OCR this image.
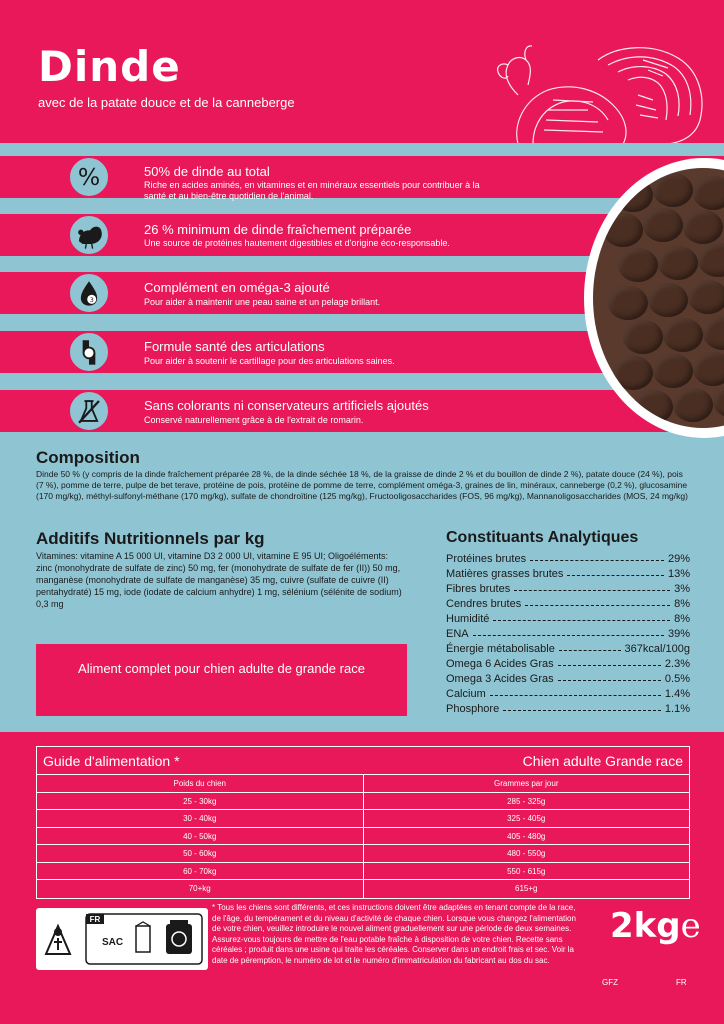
Dinde
avec de la patate douce et de la canneberge
%
3
50% de dinde au total
Riche en acides aminés, en vitamines et en minéraux essentiels pour contribuer à la santé et au bien-être quotidien de l'animal.
26 % minimum de dinde fraîchement préparée
Une source de protéines hautement digestibles et d'origine éco-responsable.
Complément en oméga-3 ajouté
Pour aider à maintenir une peau saine et un pelage brillant.
Formule santé des articulations
Pour aider à soutenir le cartillage pour des articulations saines.
Sans colorants ni conservateurs artificiels ajoutés
Conservé naturellement grâce à de l'extrait de romarin.
Composition
Dinde 50 % (y compris de la dinde fraîchement préparée 28 %, de la dinde séchée 18 %, de la graisse de dinde 2 % et du bouillon de dinde 2 %), patate douce (24 %), pois (7 %), pomme de terre, pulpe de bet terave, protéine de pois, protéine de pomme de terre, complément oméga-3, graines de lin, minéraux, canneberge (0,2 %), glucosamine (170 mg/kg), méthyl-sulfonyl-méthane (170 mg/kg), sulfate de chondroïtine (125 mg/kg), Fructooligosaccharides (FOS, 96 mg/kg), Mannanoligosaccharides (MOS, 24 mg/kg)
Additifs Nutritionnels par kg
Vitamines: vitamine A 15 000 UI, vitamine D3 2 000 UI, vitamine E 95 UI; Oligoéléments: zinc (monohydrate de sulfate de zinc) 50 mg, fer (monohydrate de sulfate de fer (II)) 50 mg, manganèse (monohydrate de sulfate de manganèse) 35 mg, cuivre (sulfate de cuivre (II) pentahydraté) 15 mg, iode (iodate de calcium anhydre) 1 mg, sélénium (sélénite de sodium) 0,3 mg
Aliment complet pour chien adulte de grande race
Constituants Analytiques
Protéines brutes	29%
Matières grasses brutes	13%
Fibres brutes	3%
Cendres brutes	8%
Humidité	8%
ENA	39%
Énergie métabolisable	367kcal/100g
Omega 6 Acides Gras	2.3%
Omega 3 Acides Gras	0.5%
Calcium	1.4%
Phosphore	1.1%
Guide d'alimentation *	Chien adulte Grande race
Poids du chien	Grammes par jour
25 - 30kg	285 - 325g
30 - 40kg	325 - 405g
40 - 50kg	405 - 480g
50 - 60kg	480 - 550g
60 - 70kg	550 - 615g
70+kg	615+g
FR
SAC
* Tous les chiens sont différents, et ces instructions doivent être adaptées en tenant compte de la race, de l'âge, du tempérament et du niveau d'activité de chaque chien. Lorsque vous changez l'alimentation de votre chien, veuillez introduire le nouvel aliment graduellement sur une période de deux semaines. Assurez-vous toujours de mettre de l'eau potable fraîche à disposition de votre chien. Recette sans céréales ; produit dans une usine qui traite les céréales. Conserver dans un endroit frais et sec. Voir la date de péremption, le numéro de lot et le numéro d'immatriculation du fabricant au dos du sac.
2kge
GFZ	FR
